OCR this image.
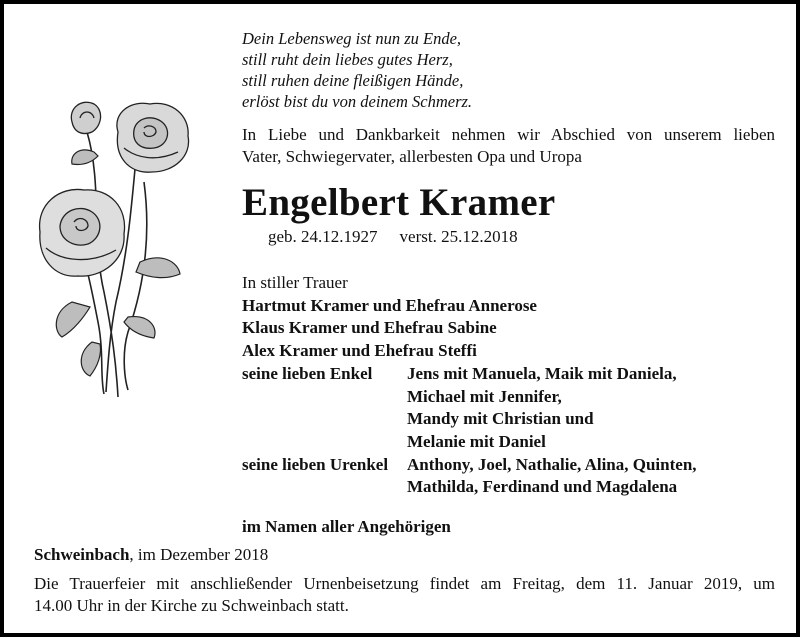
Dein Lebensweg ist nun zu Ende,
still ruht dein liebes gutes Herz,
still ruhen deine fleißigen Hände,
erlöst bist du von deinem Schmerz.
In Liebe und Dankbarkeit nehmen wir Abschied von unserem lieben
Vater, Schwiegervater, allerbesten Opa und Uropa
Engelbert Kramer
geb. 24.12.1927 verst. 25.12.2018
In stiller Trauer
Hartmut Kramer und Ehefrau Annerose
Klaus Kramer und Ehefrau Sabine
Alex Kramer und Ehefrau Steffi
seine lieben Enkel	Jens mit Manuela, Maik mit Daniela,
Michael mit Jennifer,
Mandy mit Christian und
Melanie mit Daniel
seine lieben Urenkel	Anthony, Joel, Nathalie, Alina, Quinten,
Mathilda, Ferdinand und Magdalena
im Namen aller Angehörigen
Schweinbach, im Dezember 2018
Die Trauerfeier mit anschließender Urnenbeisetzung findet am Freitag, dem 11. Januar 2019, um
14.00 Uhr in der Kirche zu Schweinbach statt.
